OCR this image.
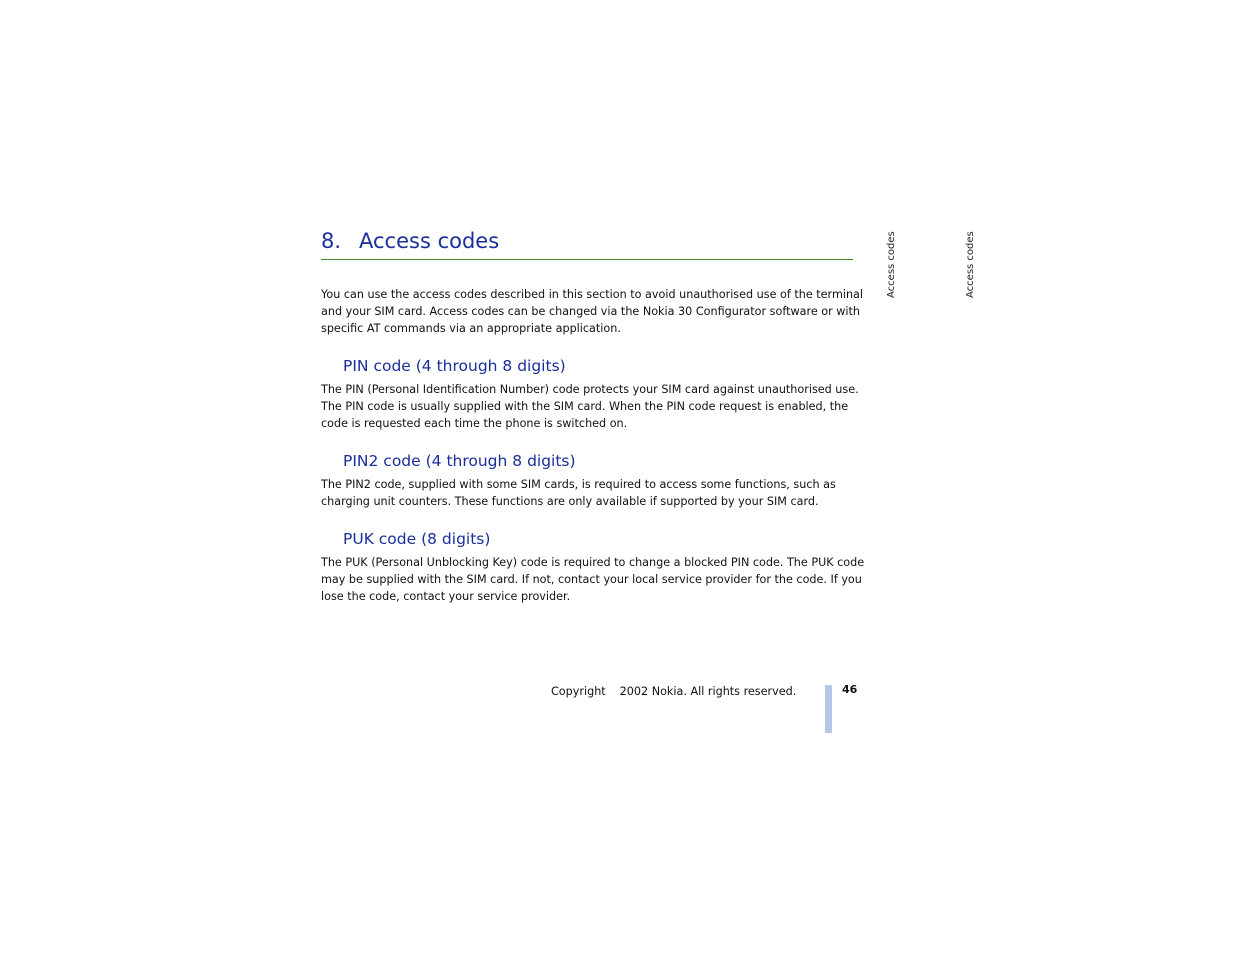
8. Access codes	Access codes	Access codes

You can use the access codes described in this section to avoid unauthorised use of the terminal and your SIM card. Access codes can be changed via the Nokia 30 Configurator software or with specific AT commands via an appropriate application.

PIN code (4 through 8 digits)

The PIN (Personal Identification Number) code protects your SIM card against unauthorised use. The PIN code is usually supplied with the SIM card. When the PIN code request is enabled, the code is requested each time the phone is switched on.

PIN2 code (4 through 8 digits)

The PIN2 code, supplied with some SIM cards, is required to access some functions, such as charging unit counters. These functions are only available if supported by your SIM card.

PUK code (8 digits)

The PUK (Personal Unblocking Key) code is required to change a blocked PIN code. The PUK code may be supplied with the SIM card. If not, contact your local service provider for the code. If you lose the code, contact your service provider.

Copyright 2002 Nokia. All rights reserved.	46
